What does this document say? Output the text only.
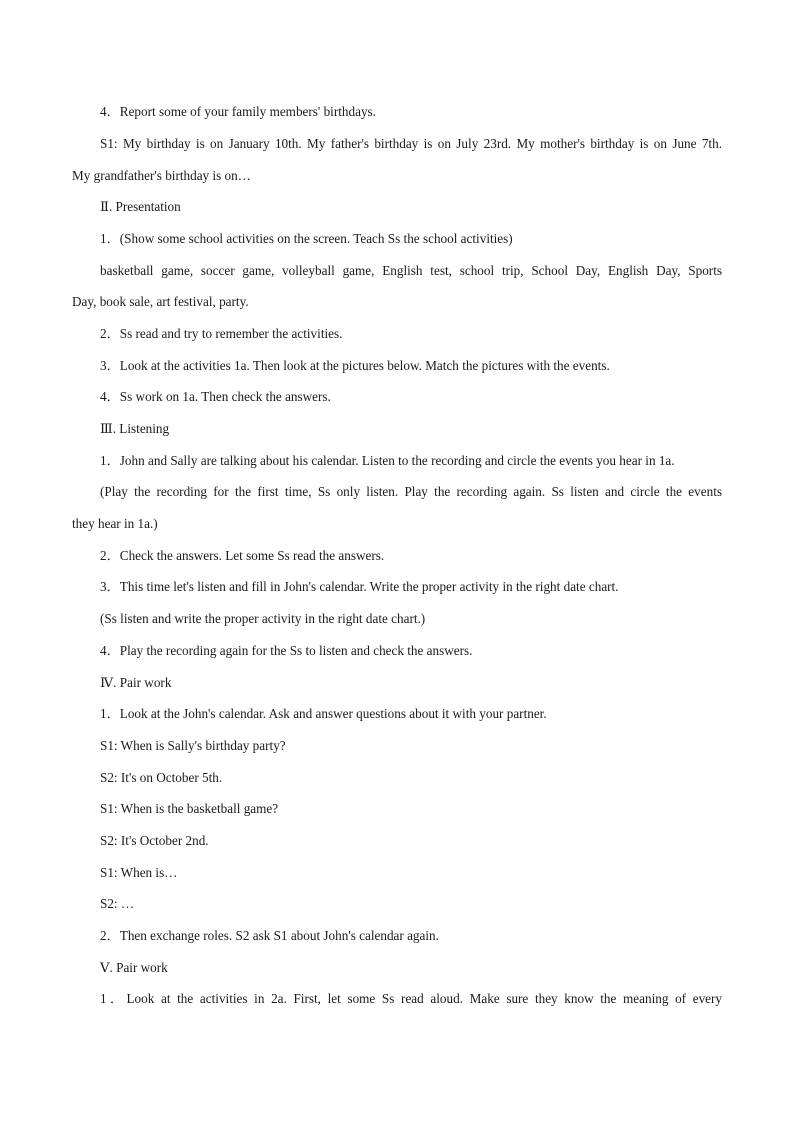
4．Report some of your family members' birthdays.
S1: My birthday is on January 10th. My father's birthday is on July 23rd. My mother's birthday is on June 7th.
My grandfather's birthday is on…
Ⅱ. Presentation
1．(Show some school activities on the screen. Teach Ss the school activities)
basketball game, soccer game, volleyball game, English test, school trip, School Day, English Day, Sports
Day, book sale, art festival, party.
2．Ss read and try to remember the activities.
3．Look at the activities 1a. Then look at the pictures below. Match the pictures with the events.
4．Ss work on 1a. Then check the answers.
Ⅲ. Listening
1．John and Sally are talking about his calendar. Listen to the recording and circle the events you hear in 1a.
(Play the recording for the first time, Ss only listen. Play the recording again. Ss listen and circle the events
they hear in 1a.)
2．Check the answers. Let some Ss read the answers.
3．This time let's listen and fill in John's calendar. Write the proper activity in the right date chart.
(Ss listen and write the proper activity in the right date chart.)
4．Play the recording again for the Ss to listen and check the answers.
Ⅳ. Pair work
1．Look at the John's calendar. Ask and answer questions about it with your partner.
S1: When is Sally's birthday party?
S2: It's on October 5th.
S1: When is the basketball game?
S2: It's October 2nd.
S1: When is…
S2: …
2．Then exchange roles. S2 ask S1 about John's calendar again.
Ⅴ. Pair work
1．Look at the activities in 2a. First, let some Ss read aloud. Make sure they know the meaning of every
